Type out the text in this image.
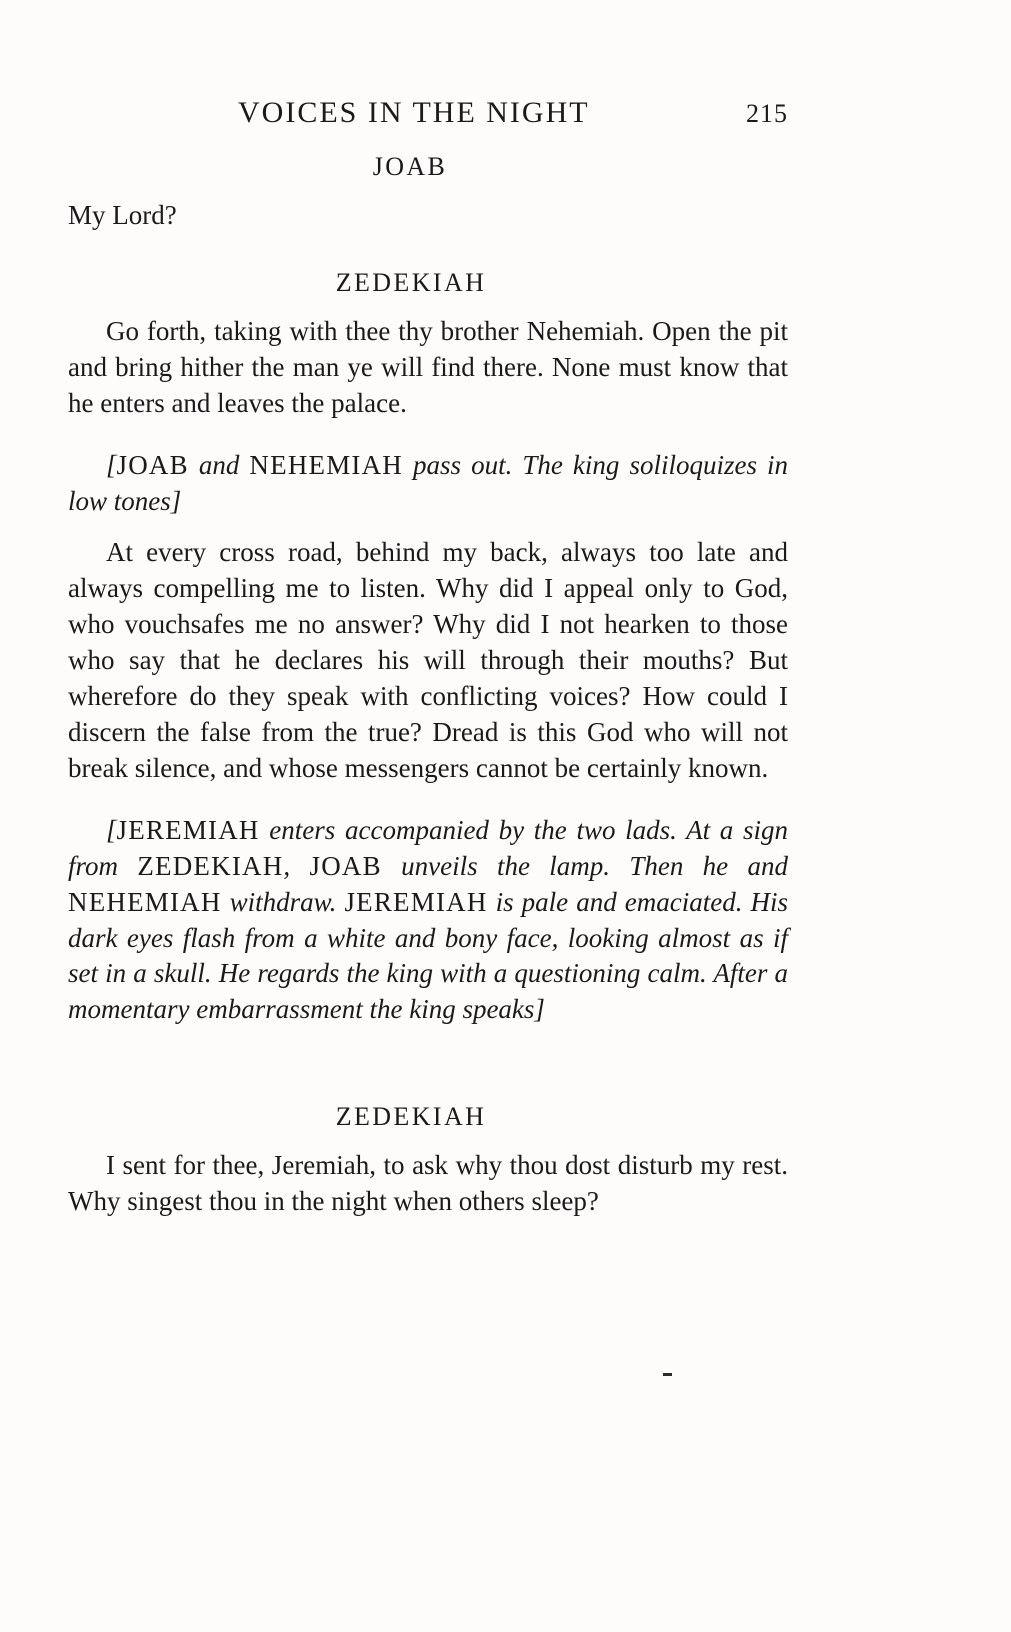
VOICES IN THE NIGHT	215
JOAB

My Lord?

ZEDEKIAH

Go forth, taking with thee thy brother Nehemiah. Open the pit and bring hither the man ye will find there. None must know that he enters and leaves the palace.

[JOAB and NEHEMIAH pass out. The king soliloquizes in low tones]

At every cross road, behind my back, always too late and always compelling me to listen. Why did I appeal only to God, who vouchsafes me no answer? Why did I not hearken to those who say that he declares his will through their mouths? But wherefore do they speak with conflicting voices? How could I discern the false from the true? Dread is this God who will not break silence, and whose messengers cannot be certainly known.

[JEREMIAH enters accompanied by the two lads. At a sign from ZEDEKIAH, JOAB unveils the lamp. Then he and NEHEMIAH withdraw. JEREMIAH is pale and emaciated. His dark eyes flash from a white and bony face, looking almost as if set in a skull. He regards the king with a questioning calm. After a momentary embarrassment the king speaks]

ZEDEKIAH

I sent for thee, Jeremiah, to ask why thou dost disturb my rest. Why singest thou in the night when others sleep?
